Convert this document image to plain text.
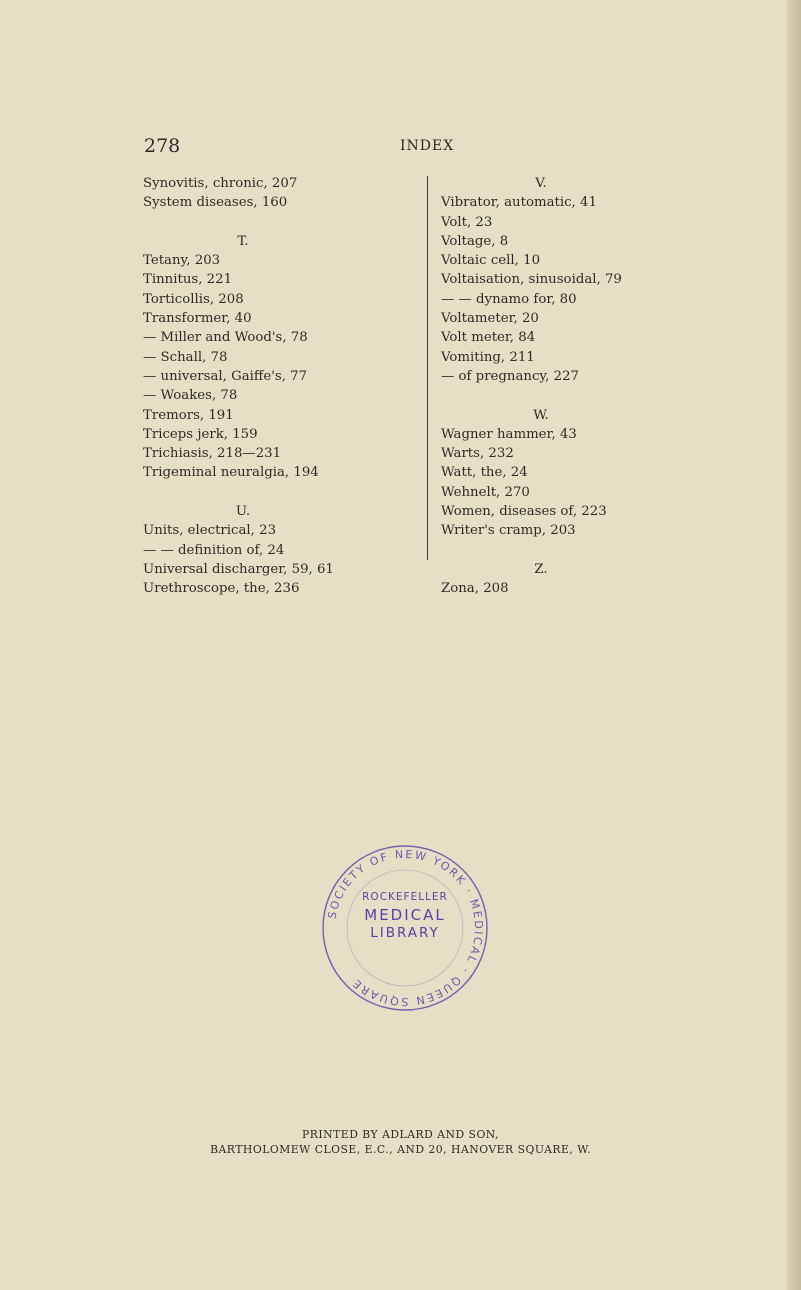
278	INDEX
Synovitis, chronic, 207
System diseases, 160
T.
Tetany, 203
Tinnitus, 221
Torticollis, 208
Transformer, 40
— Miller and Wood's, 78
— Schall, 78
— universal, Gaiffe's, 77
— Woakes, 78
Tremors, 191
Triceps jerk, 159
Trichiasis, 218—231
Trigeminal neuralgia, 194
U.
Units, electrical, 23
— — definition of, 24
Universal discharger, 59, 61
Urethroscope, the, 236
V.
Vibrator, automatic, 41
Volt, 23
Voltage, 8
Voltaic cell, 10
Voltaisation, sinusoidal, 79
— — dynamo for, 80
Voltameter, 20
Volt meter, 84
Vomiting, 211
— of pregnancy, 227
W.
Wagner hammer, 43
Warts, 232
Watt, the, 24
Wehnelt, 270
Women, diseases of, 223
Writer's cramp, 203
Z.
Zona, 208
SOCIETY OF NEW YORK · MEDICAL · QUEEN SQUARE
ROCKEFELLER
MEDICAL
LIBRARY
PRINTED BY ADLARD AND SON,
BARTHOLOMEW CLOSE, E.C., AND 20, HANOVER SQUARE, W.
